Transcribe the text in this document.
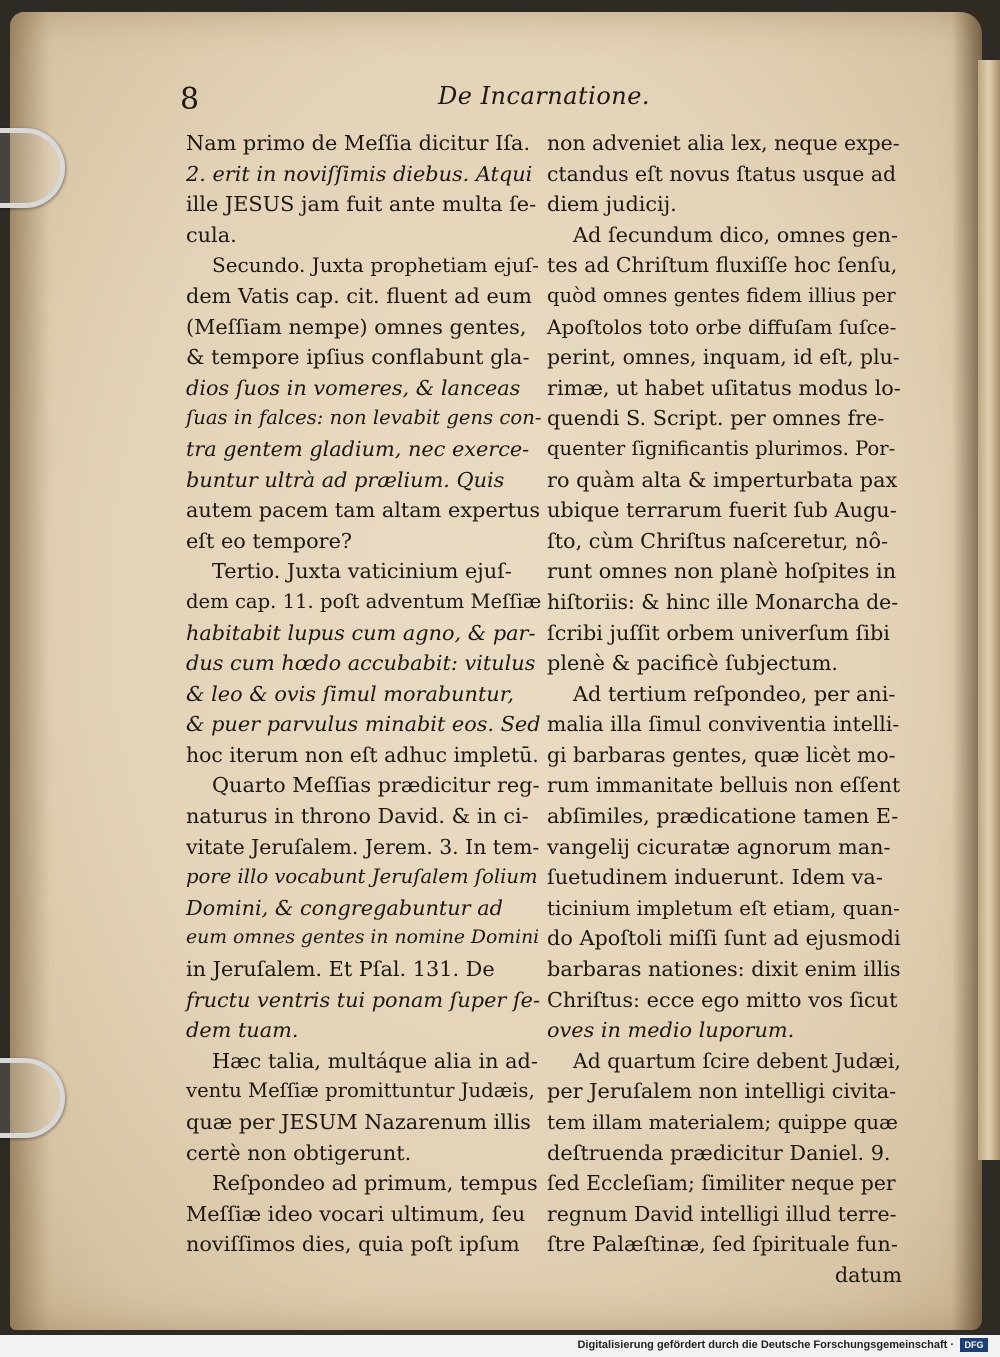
8	De Incarnatione.
Nam primo de Meſſia dicitur Iſa.
2. erit in noviſſimis diebus. Atqui
ille JESUS jam fuit ante multa ſe-
cula.
Secundo. Juxta prophetiam ejuſ-
dem Vatis cap. cit. fluent ad eum
(Meſſiam nempe) omnes gentes,
& tempore ipſius conflabunt gla-
dios ſuos in vomeres, & lanceas
ſuas in falces: non levabit gens con-
tra gentem gladium, nec exerce-
buntur ultrà ad prælium. Quis
autem pacem tam altam expertus
eſt eo tempore?
Tertio. Juxta vaticinium ejuſ-
dem cap. 11. poſt adventum Meſſiæ
habitabit lupus cum agno, & par-
dus cum hœdo accubabit: vitulus
& leo & ovis ſimul morabuntur,
& puer parvulus minabit eos. Sed
hoc iterum non eſt adhuc impletū.
Quarto Meſſias prædicitur reg-
naturus in throno David. & in ci-
vitate Jeruſalem. Jerem. 3. In tem-
pore illo vocabunt Jeruſalem ſolium
Domini, & congregabuntur ad
eum omnes gentes in nomine Domini
in Jeruſalem. Et Pſal. 131. De
fructu ventris tui ponam ſuper ſe-
dem tuam.
Hæc talia, multáque alia in ad-
ventu Meſſiæ promittuntur Judæis,
quæ per JESUM Nazarenum illis
certè non obtigerunt.
Reſpondeo ad primum, tempus
Meſſiæ ideo vocari ultimum, ſeu
noviſſimos dies, quia poſt ipſum
non adveniet alia lex, neque expe-
ctandus eſt novus ſtatus usque ad
diem judicij.
Ad ſecundum dico, omnes gen-
tes ad Chriſtum fluxiſſe hoc ſenſu,
quòd omnes gentes fidem illius per
Apoſtolos toto orbe diffuſam ſuſce-
perint, omnes, inquam, id eſt, plu-
rimæ, ut habet uſitatus modus lo-
quendi S. Script. per omnes fre-
quenter ſignificantis plurimos. Por-
ro quàm alta & imperturbata pax
ubique terrarum fuerit ſub Augu-
ſto, cùm Chriſtus naſceretur, nô-
runt omnes non planè hoſpites in
hiſtoriis: & hinc ille Monarcha de-
ſcribi juſſit orbem univerſum ſibi
plenè & pacificè ſubjectum.
Ad tertium reſpondeo, per ani-
malia illa ſimul conviventia intelli-
gi barbaras gentes, quæ licèt mo-
rum immanitate belluis non eſſent
abſimiles, prædicatione tamen E-
vangelij cicuratæ agnorum man-
ſuetudinem induerunt. Idem va-
ticinium impletum eſt etiam, quan-
do Apoſtoli miſſi ſunt ad ejusmodi
barbaras nationes: dixit enim illis
Chriſtus: ecce ego mitto vos ſicut
oves in medio luporum.
Ad quartum ſcire debent Judæi,
per Jeruſalem non intelligi civita-
tem illam materialem; quippe quæ
deſtruenda prædicitur Daniel. 9.
ſed Eccleſiam; ſimiliter neque per
regnum David intelligi illud terre-
ſtre Palæſtinæ, ſed ſpirituale fun-
datum
Digitalisierung gefördert durch die Deutsche Forschungsgemeinschaft ·	DFG
